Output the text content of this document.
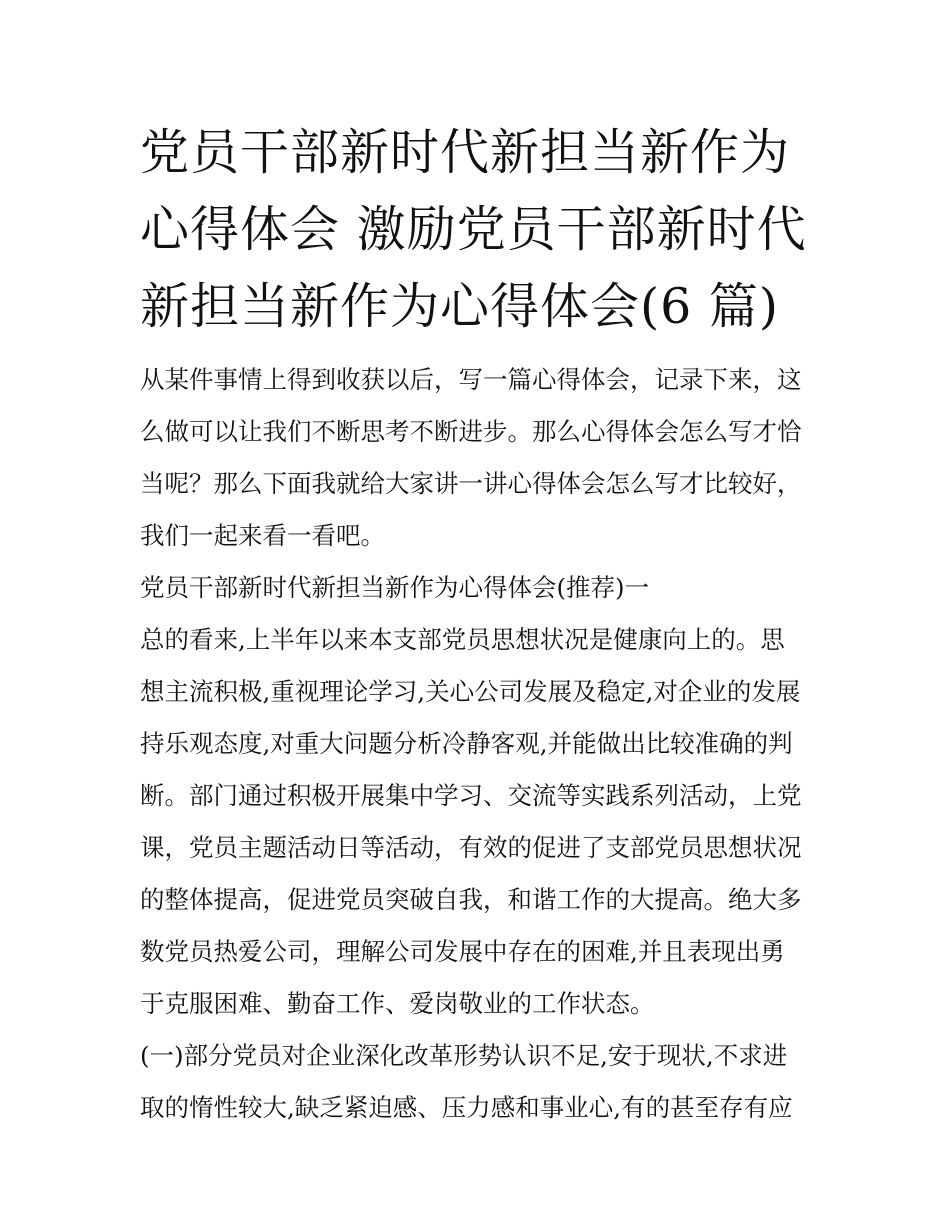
党员干部新时代新担当新作为
心得体会 激励党员干部新时代
新担当新作为心得体会(6 篇)
从某件事情上得到收获以后，写一篇心得体会，记录下来，这
么做可以让我们不断思考不断进步。那么心得体会怎么写才恰
当呢？那么下面我就给大家讲一讲心得体会怎么写才比较好，
我们一起来看一看吧。
党员干部新时代新担当新作为心得体会(推荐)一
总的看来,上半年以来本支部党员思想状况是健康向上的。思
想主流积极,重视理论学习,关心公司发展及稳定,对企业的发展
持乐观态度,对重大问题分析冷静客观,并能做出比较准确的判
断。部门通过积极开展集中学习、交流等实践系列活动，上党
课，党员主题活动日等活动，有效的促进了支部党员思想状况
的整体提高，促进党员突破自我，和谐工作的大提高。绝大多
数党员热爱公司，理解公司发展中存在的困难,并且表现出勇
于克服困难、勤奋工作、爱岗敬业的工作状态。
(一)部分党员对企业深化改革形势认识不足,安于现状,不求进
取的惰性较大,缺乏紧迫感、压力感和事业心,有的甚至存有应
